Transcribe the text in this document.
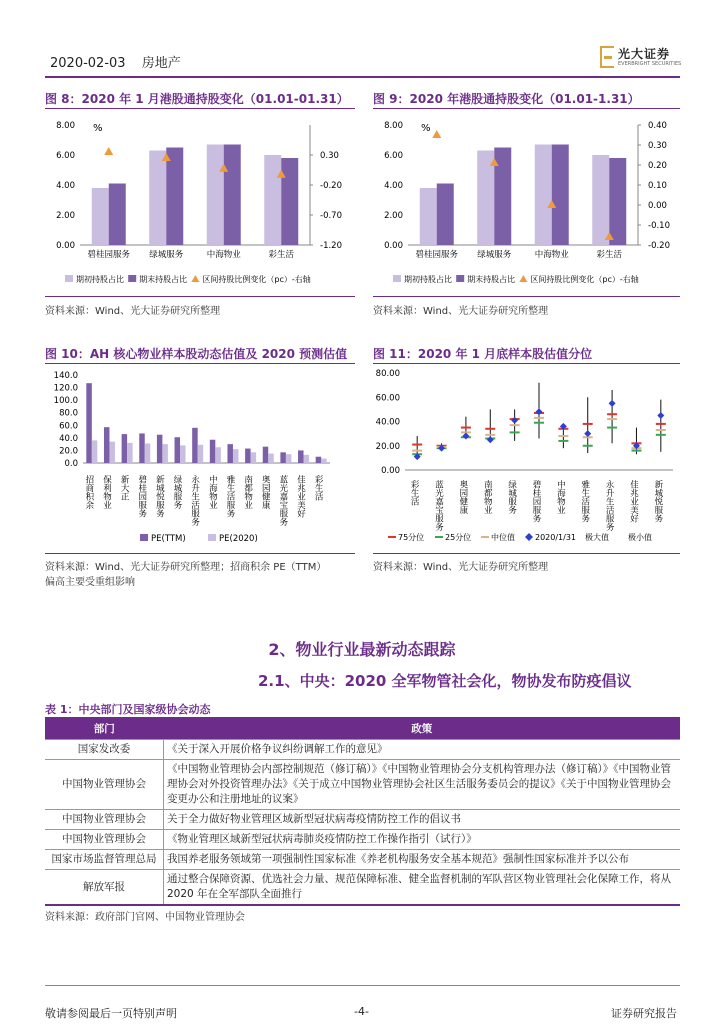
2020-02-03 房地产
光大证券
EVERBRIGHT SECURITIES
图 8：2020 年 1 月港股通持股变化（01.01-01.31）
0.00
2.00
4.00
6.00
8.00
-1.20
-0.70
-0.20
0.30
%
碧桂园服务 绿城服务	中海物业	彩生活
期初持股占比 期末持股占比 区间持股比例变化（pc）-右轴
资料来源：Wind、光大证券研究所整理
图 9：2020 年港股通持股变化（01.01-1.31）
0.00
2.00
4.00
6.00
8.00
-0.20
-0.10
0.00
0.10
0.20
0.30
0.40
%
碧桂园服务 绿城服务	中海物业	彩生活
期初持股占比 期末持股占比 区间持股比例变化（pc）-右轴
资料来源：Wind、光大证券研究所整理
图 10：AH 核心物业样本股动态估值及 2020 预测估值
0.0
20.0
40.0
60.0
80.0
100.0
120.0
140.0
招商积余 保利物业 新大正 碧桂园服务 新城悦服务 绿城服务 永升生活服务 中海物业 雅生活服务 南都物业 奥园健康 蓝光嘉宝服务 佳兆业美好 彩生活
PE(TTM)	PE(2020)
资料来源：Wind、光大证券研究所整理；招商积余 PE（TTM）
偏高主要受重组影响
图 11：2020 年 1 月底样本股估值分位
0.00
20.00
40.00
60.00
80.00
彩生活 蓝光嘉宝服务 奥园健康 南都物业 绿城服务 碧桂园服务 中海物业 雅生活服务 永升生活服务 佳兆业美好 新城悦服务
75分位	25分位 中位值	2020/1/31 极大值 极小值
资料来源：Wind、光大证券研究所整理
2、物业行业最新动态跟踪
2.1、中央：2020 全军物管社会化，物协发布防疫倡议
表 1：中央部门及国家级协会动态
部门	政策
国家发改委	《关于深入开展价格争议纠纷调解工作的意见》
中国物业管理协会	《中国物业管理协会内部控制规范（修订稿）》《中国物业管理协会分支机构管理办法（修订稿）》《中国物业管理协会对外投资管理办法》《关于成立中国物业管理协会社区生活服务委员会的提议》《关于中国物业管理协会变更办公和注册地址的议案》
中国物业管理协会	关于全力做好物业管理区域新型冠状病毒疫情防控工作的倡议书
中国物业管理协会	《物业管理区域新型冠状病毒肺炎疫情防控工作操作指引（试行）》
国家市场监督管理总局	我国养老服务领域第一项强制性国家标准《养老机构服务安全基本规范》强制性国家标准并予以公布
解放军报	通过整合保障资源、优选社会力量、规范保障标准、健全监督机制的军队营区物业管理社会化保障工作，将从 2020 年在全军部队全面推行
资料来源：政府部门官网、中国物业管理协会
敬请参阅最后一页特别声明	-4-	证券研究报告
